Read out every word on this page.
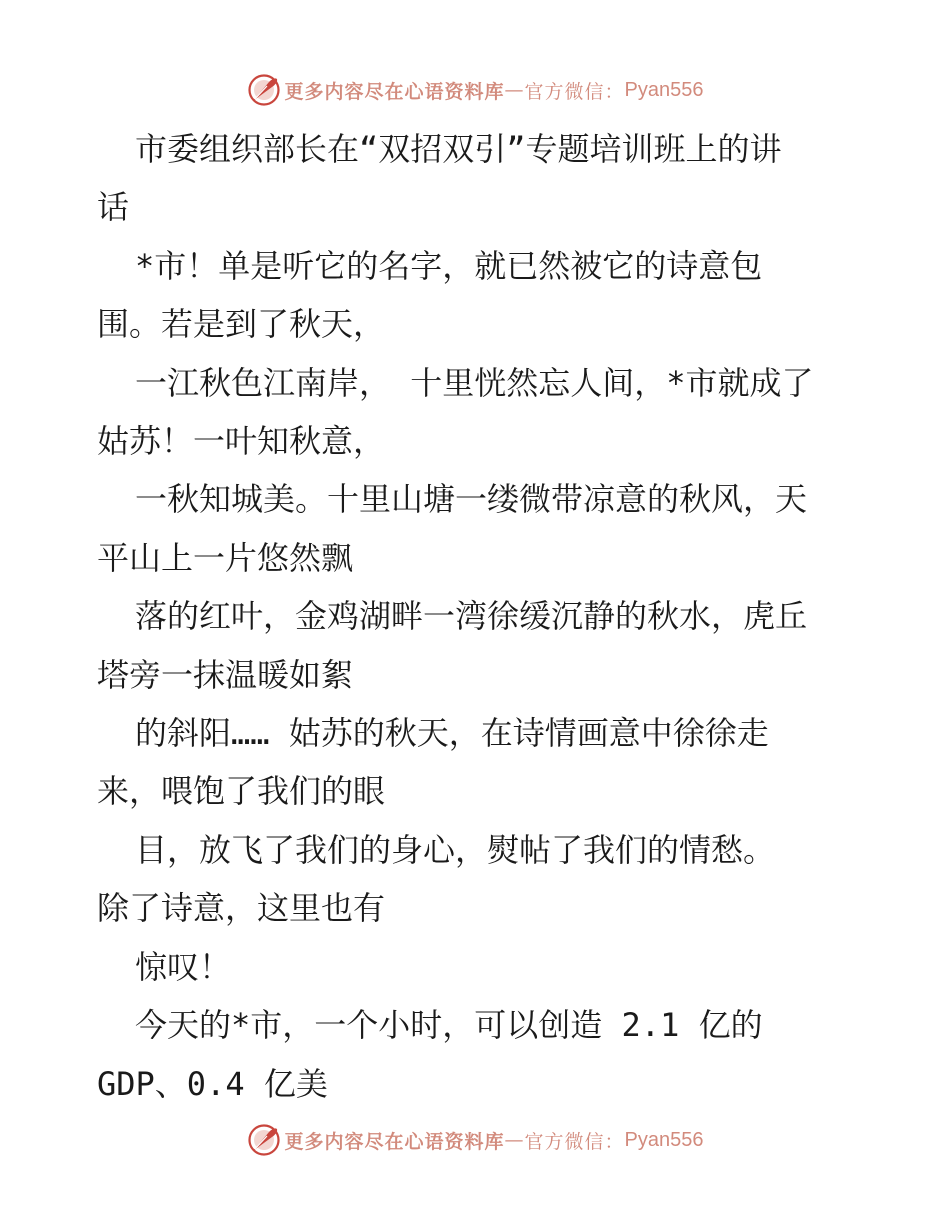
更多内容尽在心语资料库 — 官方微信： Pyan556

市委组织部长在“双招双引”专题培训班上的讲

话

*市！单是听它的名字，就已然被它的诗意包

围。若是到了秋天，

一江秋色江南岸， 十里恍然忘人间，*市就成了

姑苏！一叶知秋意，

一秋知城美。十里山塘一缕微带凉意的秋风，天

平山上一片悠然飘

落的红叶，金鸡湖畔一湾徐缓沉静的秋水，虎丘

塔旁一抹温暖如絮

的斜阳…… 姑苏的秋天，在诗情画意中徐徐走

来，喂饱了我们的眼

目，放飞了我们的身心，熨帖了我们的情愁。

除了诗意，这里也有

惊叹！

今天的*市，一个小时，可以创造 2.1 亿的

GDP、0.4 亿美

更多内容尽在心语资料库 — 官方微信： Pyan556
